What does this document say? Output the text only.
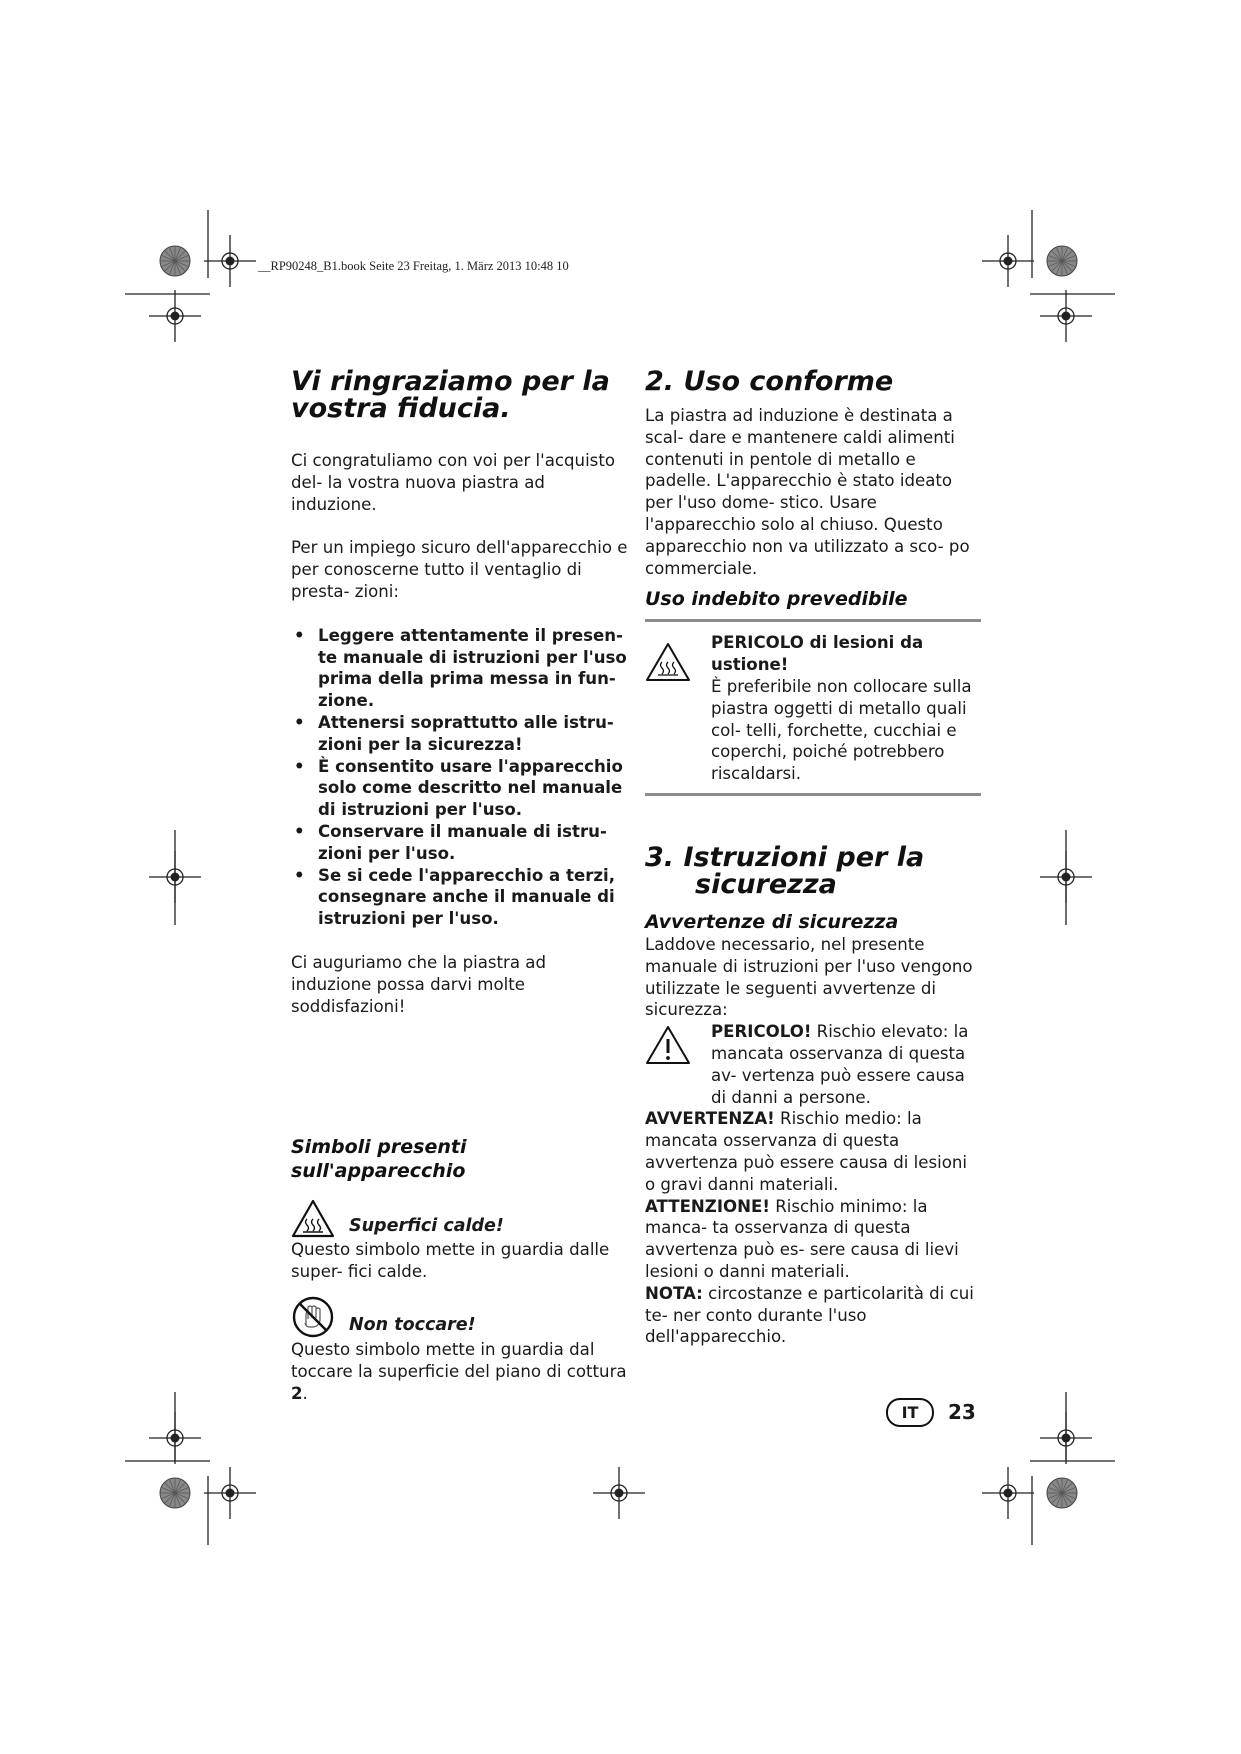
__RP90248_B1.book Seite 23 Freitag, 1. März 2013 10:48 10
Vi ringraziamo per la
vostra fiducia.

Ci congratuliamo con voi per l'acquisto del- la vostra nuova piastra ad induzione.

Per un impiego sicuro dell'apparecchio e per conoscerne tutto il ventaglio di presta- zioni:

• Leggere attentamente il presen- te manuale di istruzioni per l'uso prima della prima messa in fun- zione.
• Attenersi soprattutto alle istru- zioni per la sicurezza!
• È consentito usare l'apparecchio solo come descritto nel manuale di istruzioni per l'uso.
• Conservare il manuale di istru- zioni per l'uso.
• Se si cede l'apparecchio a terzi, consegnare anche il manuale di istruzioni per l'uso.

Ci auguriamo che la piastra ad induzione possa darvi molte soddisfazioni!

Simboli presenti sull'apparecchio
Superfici calde!

Questo simbolo mette in guardia dalle super- fici calde.

Non toccare!

Questo simbolo mette in guardia dal toccare la superficie del piano di cottura 2.

2. Uso conforme

La piastra ad induzione è destinata a scal- dare e mantenere caldi alimenti contenuti in pentole di metallo e padelle. L'apparecchio è stato ideato per l'uso dome- stico. Usare l'apparecchio solo al chiuso. Questo apparecchio non va utilizzato a sco- po commerciale.

Uso indebito prevedibile

PERICOLO di lesioni da ustione!

È preferibile non collocare sulla piastra oggetti di metallo quali col- telli, forchette, cucchiai e coperchi, poiché potrebbero riscaldarsi.

3. Istruzioni per la
sicurezza
Avvertenze di sicurezza

Laddove necessario, nel presente manuale di istruzioni per l'uso vengono utilizzate le seguenti avvertenze di sicurezza:

PERICOLO! Rischio elevato: la mancata osservanza di questa av- vertenza può essere causa di danni a persone.

AVVERTENZA! Rischio medio: la mancata osservanza di questa avvertenza può essere causa di lesioni o gravi danni materiali.

ATTENZIONE! Rischio minimo: la manca- ta osservanza di questa avvertenza può es- sere causa di lievi lesioni o danni materiali.

NOTA: circostanze e particolarità di cui te- ner conto durante l'uso dell'apparecchio.

IT	23
